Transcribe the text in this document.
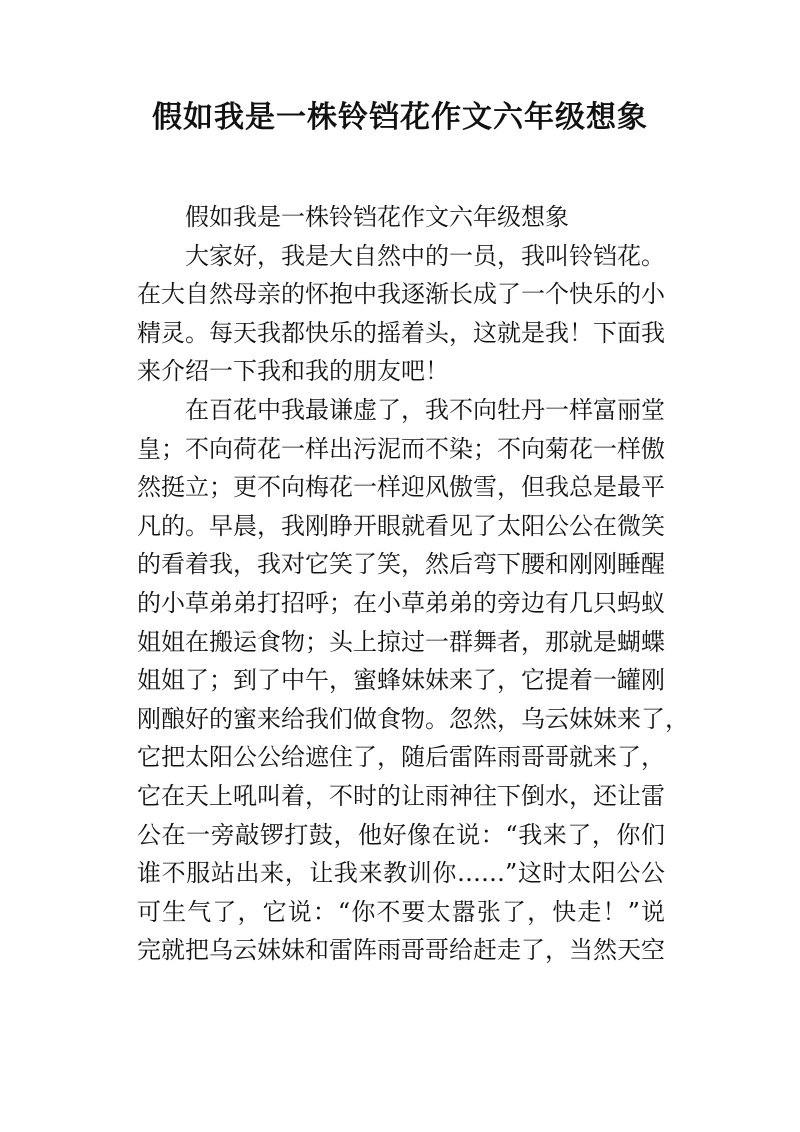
假如我是一株铃铛花作文六年级想象
假如我是一株铃铛花作文六年级想象
大家好，我是大自然中的一员，我叫铃铛花。
在大自然母亲的怀抱中我逐渐长成了一个快乐的小
精灵。每天我都快乐的摇着头，这就是我！下面我
来介绍一下我和我的朋友吧！
在百花中我最谦虚了，我不向牡丹一样富丽堂
皇；不向荷花一样出污泥而不染；不向菊花一样傲
然挺立；更不向梅花一样迎风傲雪，但我总是最平
凡的。早晨，我刚睁开眼就看见了太阳公公在微笑
的看着我，我对它笑了笑，然后弯下腰和刚刚睡醒
的小草弟弟打招呼；在小草弟弟的旁边有几只蚂蚁
姐姐在搬运食物；头上掠过一群舞者，那就是蝴蝶
姐姐了；到了中午，蜜蜂妹妹来了，它提着一罐刚
刚酿好的蜜来给我们做食物。忽然，乌云妹妹来了，
它把太阳公公给遮住了，随后雷阵雨哥哥就来了，
它在天上吼叫着，不时的让雨神往下倒水，还让雷
公在一旁敲锣打鼓，他好像在说：“我来了，你们
谁不服站出来，让我来教训你……”这时太阳公公
可生气了，它说：“你不要太嚣张了，快走！”说
完就把乌云妹妹和雷阵雨哥哥给赶走了，当然天空
